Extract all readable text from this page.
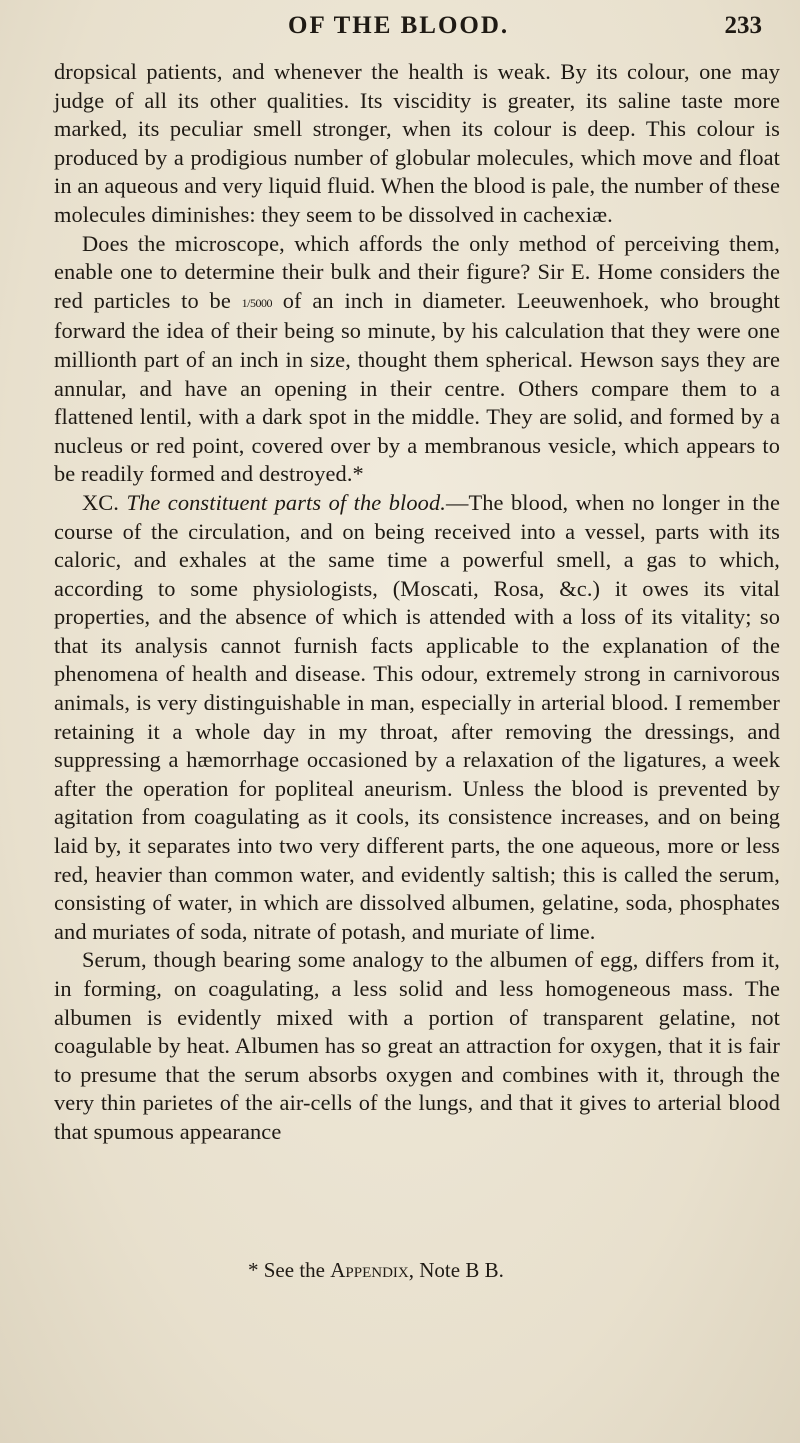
OF THE BLOOD.	233

dropsical patients, and whenever the health is weak. By its colour, one may judge of all its other qualities. Its viscidity is greater, its saline taste more marked, its peculiar smell stronger, when its colour is deep. This colour is produced by a prodigious number of globular molecules, which move and float in an aqueous and very liquid fluid. When the blood is pale, the number of these molecules diminishes: they seem to be dissolved in cachexiæ.

Does the microscope, which affords the only method of perceiving them, enable one to determine their bulk and their figure? Sir E. Home considers the red particles to be 1/5000 of an inch in diameter. Leeuwenhoek, who brought forward the idea of their being so minute, by his calculation that they were one millionth part of an inch in size, thought them spherical. Hewson says they are annular, and have an opening in their centre. Others compare them to a flattened lentil, with a dark spot in the middle. They are solid, and formed by a nucleus or red point, covered over by a membranous vesicle, which appears to be readily formed and destroyed.*

XC. The constituent parts of the blood.—The blood, when no longer in the course of the circulation, and on being received into a vessel, parts with its caloric, and exhales at the same time a powerful smell, a gas to which, according to some physiologists, (Moscati, Rosa, &c.) it owes its vital properties, and the absence of which is attended with a loss of its vitality; so that its analysis cannot furnish facts applicable to the explanation of the phenomena of health and disease. This odour, extremely strong in carnivorous animals, is very distinguishable in man, especially in arterial blood. I remember retaining it a whole day in my throat, after removing the dressings, and suppressing a hæmorrhage occasioned by a relaxation of the ligatures, a week after the operation for popliteal aneurism. Unless the blood is prevented by agitation from coagulating as it cools, its consistence increases, and on being laid by, it separates into two very different parts, the one aqueous, more or less red, heavier than common water, and evidently saltish; this is called the serum, consisting of water, in which are dissolved albumen, gelatine, soda, phosphates and muriates of soda, nitrate of potash, and muriate of lime.

Serum, though bearing some analogy to the albumen of egg, differs from it, in forming, on coagulating, a less solid and less homogeneous mass. The albumen is evidently mixed with a portion of transparent gelatine, not coagulable by heat. Albumen has so great an attraction for oxygen, that it is fair to presume that the serum absorbs oxygen and combines with it, through the very thin parietes of the air-cells of the lungs, and that it gives to arterial blood that spumous appearance

* See the Appendix, Note B B.
